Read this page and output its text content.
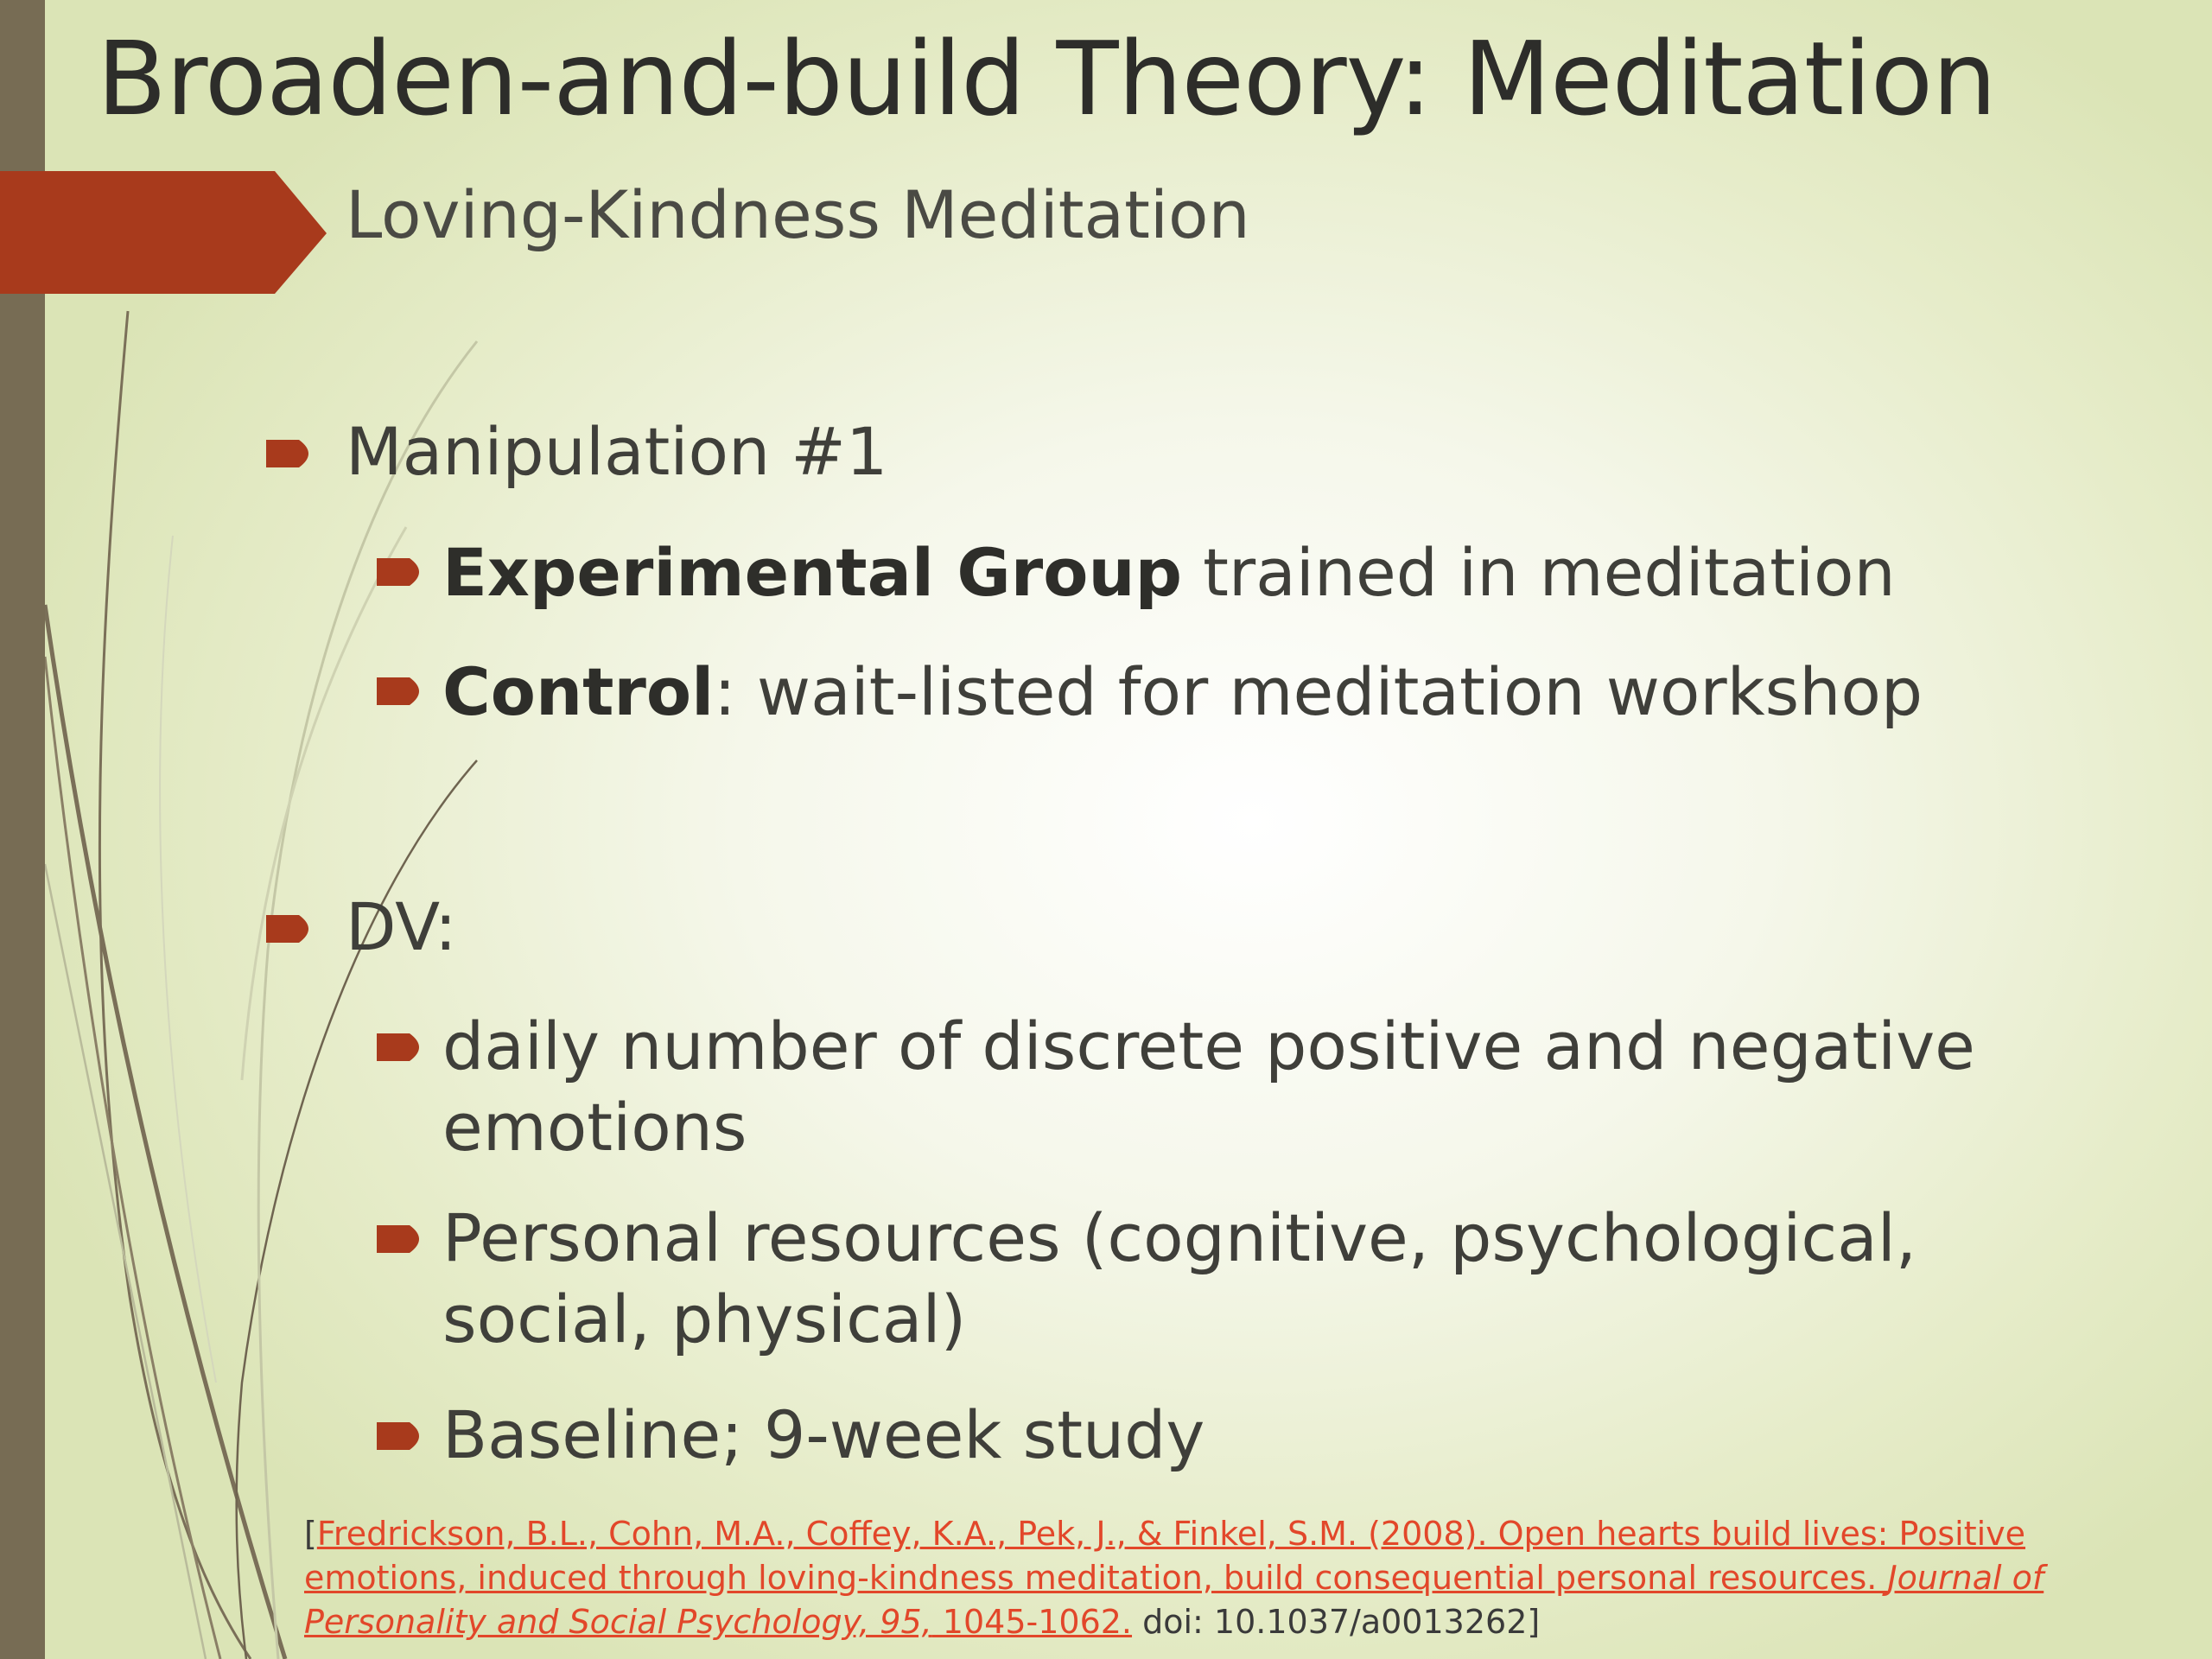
Broaden-and-build Theory: Meditation
Loving-Kindness Meditation
Manipulation #1
Experimental Group trained in meditation
Control: wait-listed for meditation workshop
DV:
daily number of discrete positive and negative
emotions
Personal resources (cognitive, psychological,
social, physical)
Baseline; 9-week study
[Fredrickson, B.L., Cohn, M.A., Coffey, K.A., Pek, J., & Finkel, S.M. (2008). Open hearts build lives: Positive emotions, induced through loving-kindness meditation, build consequential personal resources. Journal of Personality and Social Psychology, 95, 1045-1062. doi: 10.1037/a0013262]
